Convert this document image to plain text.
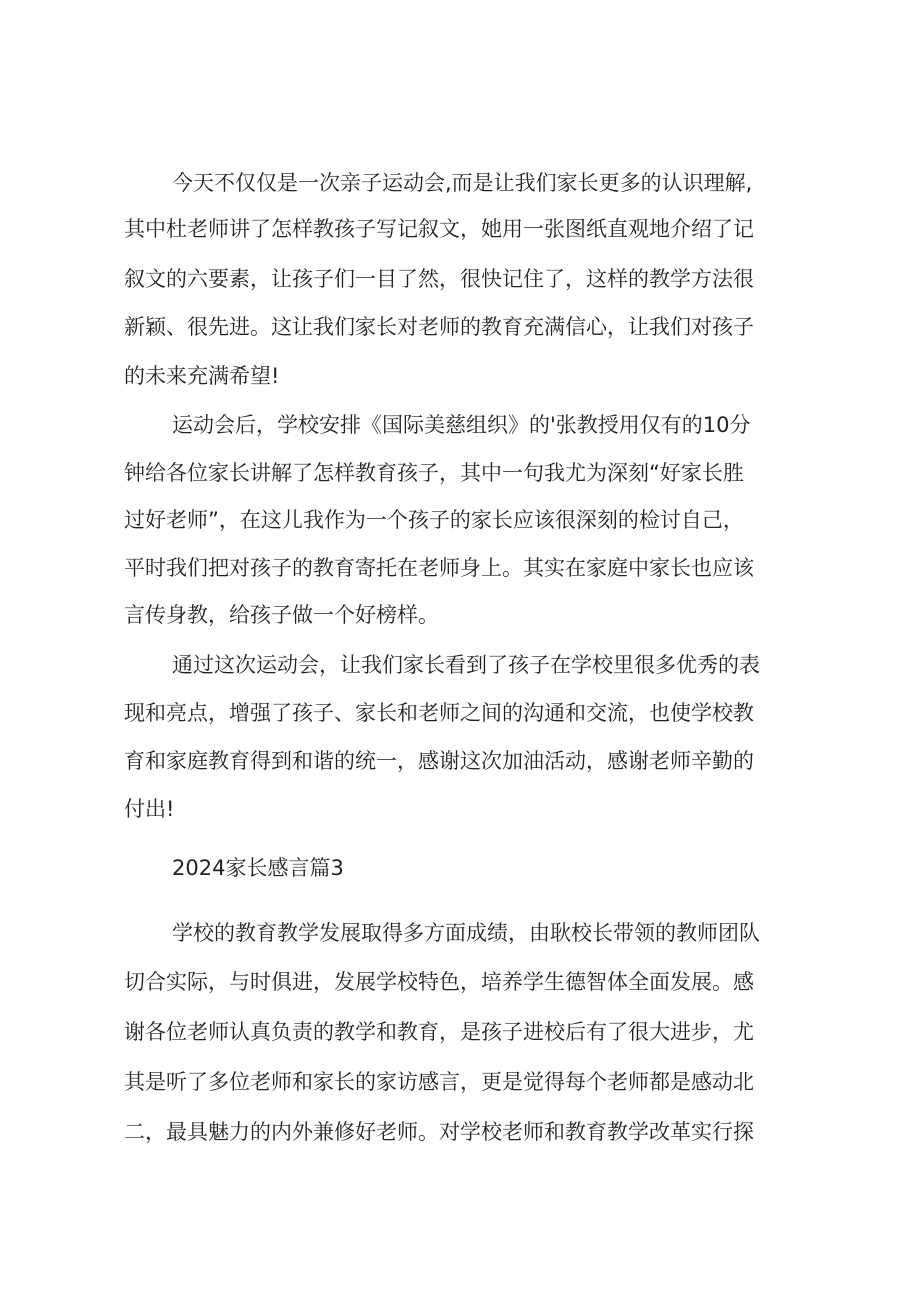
今天不仅仅是一次亲子运动会,而是让我们家长更多的认识理解,
其中杜老师讲了怎样教孩子写记叙文，她用一张图纸直观地介绍了记
叙文的六要素，让孩子们一目了然，很快记住了，这样的教学方法很
新颖、很先进。这让我们家长对老师的教育充满信心，让我们对孩子
的未来充满希望!
运动会后，学校安排《国际美慈组织》的'张教授用仅有的10分
钟给各位家长讲解了怎样教育孩子，其中一句我尤为深刻“好家长胜
过好老师”，在这儿我作为一个孩子的家长应该很深刻的检讨自己，
平时我们把对孩子的教育寄托在老师身上。其实在家庭中家长也应该
言传身教，给孩子做一个好榜样。
通过这次运动会，让我们家长看到了孩子在学校里很多优秀的表
现和亮点，增强了孩子、家长和老师之间的沟通和交流，也使学校教
育和家庭教育得到和谐的统一，感谢这次加油活动，感谢老师辛勤的
付出!
2024家长感言篇3
学校的教育教学发展取得多方面成绩，由耿校长带领的教师团队
切合实际，与时俱进，发展学校特色，培养学生德智体全面发展。感
谢各位老师认真负责的教学和教育，是孩子进校后有了很大进步，尤
其是听了多位老师和家长的家访感言，更是觉得每个老师都是感动北
二，最具魅力的内外兼修好老师。对学校老师和教育教学改革实行探
